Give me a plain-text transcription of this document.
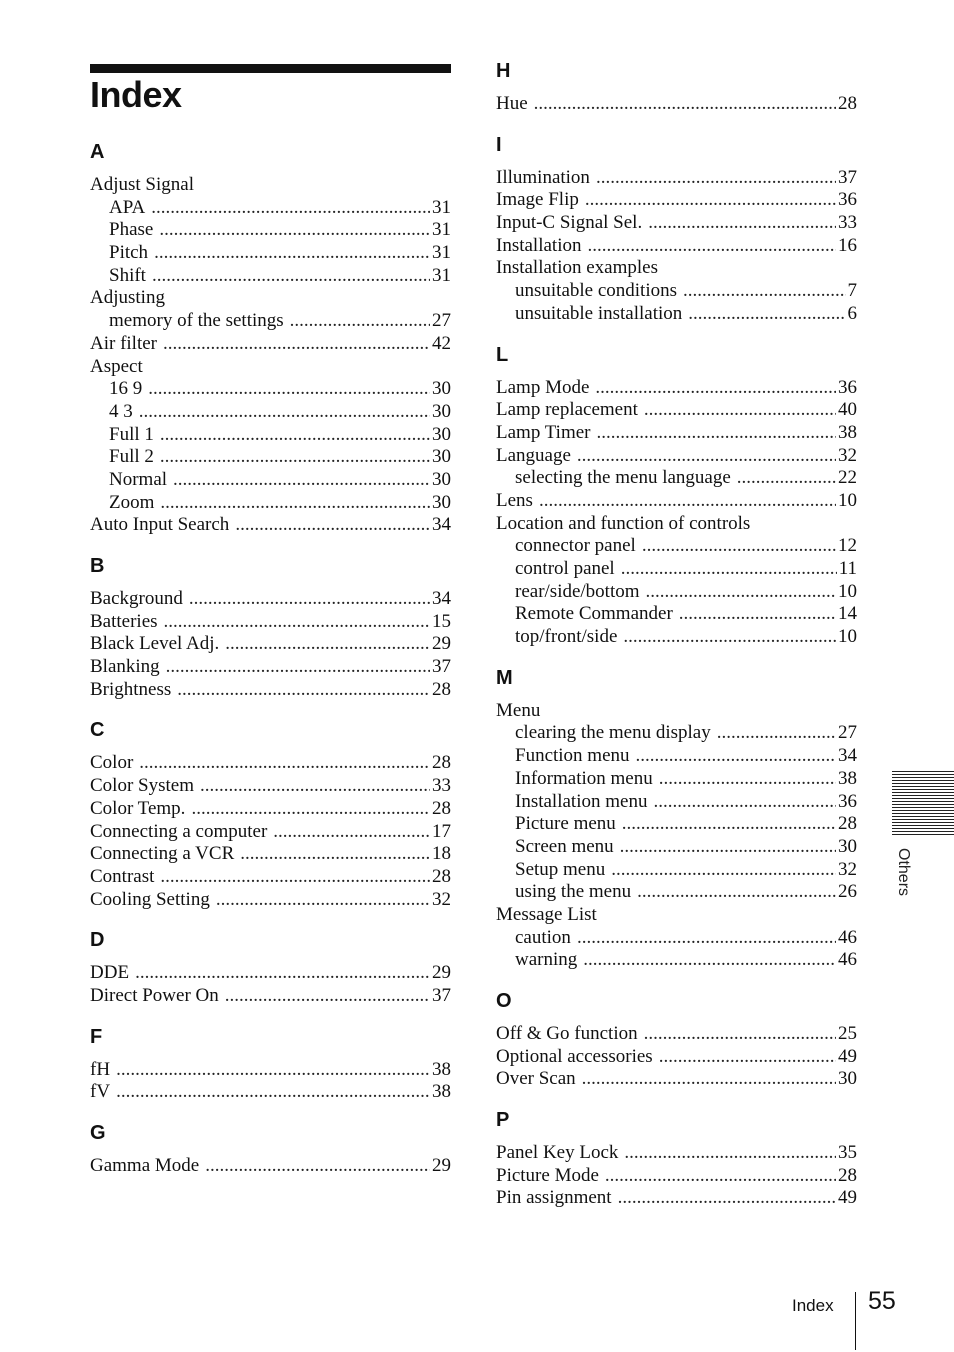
Index
A
Adjust Signal
APA .....	31
Phase .....	31
Pitch .....	31
Shift .....	31
Adjusting
memory of the settings .....	27
Air filter .....	42
Aspect
16 9 .....	30
4 3 .....	30
Full 1 .....	30
Full 2 .....	30
Normal .....	30
Zoom .....	30
Auto Input Search .....	34
B
Background .....	34
Batteries .....	15
Black Level Adj. .....	29
Blanking .....	37
Brightness .....	28
C
Color .....	28
Color System .....	33
Color Temp. .....	28
Connecting a computer .....	17
Connecting a VCR .....	18
Contrast .....	28
Cooling Setting .....	32
D
DDE .....	29
Direct Power On .....	37
F
fH .....	38
fV .....	38
G
Gamma Mode .....	29
H
Hue .....	28
I
Illumination .....	37
Image Flip .....	36
Input-C Signal Sel. .....	33
Installation .....	16
Installation examples
unsuitable conditions .....	7
unsuitable installation .....	6
L
Lamp Mode .....	36
Lamp replacement .....	40
Lamp Timer .....	38
Language .....	32
selecting the menu language .....	22
Lens .....	10
Location and function of controls
connector panel .....	12
control panel .....	11
rear/side/bottom .....	10
Remote Commander .....	14
top/front/side .....	10
M
Menu
clearing the menu display .....	27
Function menu .....	34
Information menu .....	38
Installation menu .....	36
Picture menu .....	28
Screen menu .....	30
Setup menu .....	32
using the menu .....	26
Message List
caution .....	46
warning .....	46
O
Off & Go function .....	25
Optional accessories .....	49
Over Scan .....	30
P
Panel Key Lock .....	35
Picture Mode .....	28
Pin assignment .....	49
Others
Index 55
